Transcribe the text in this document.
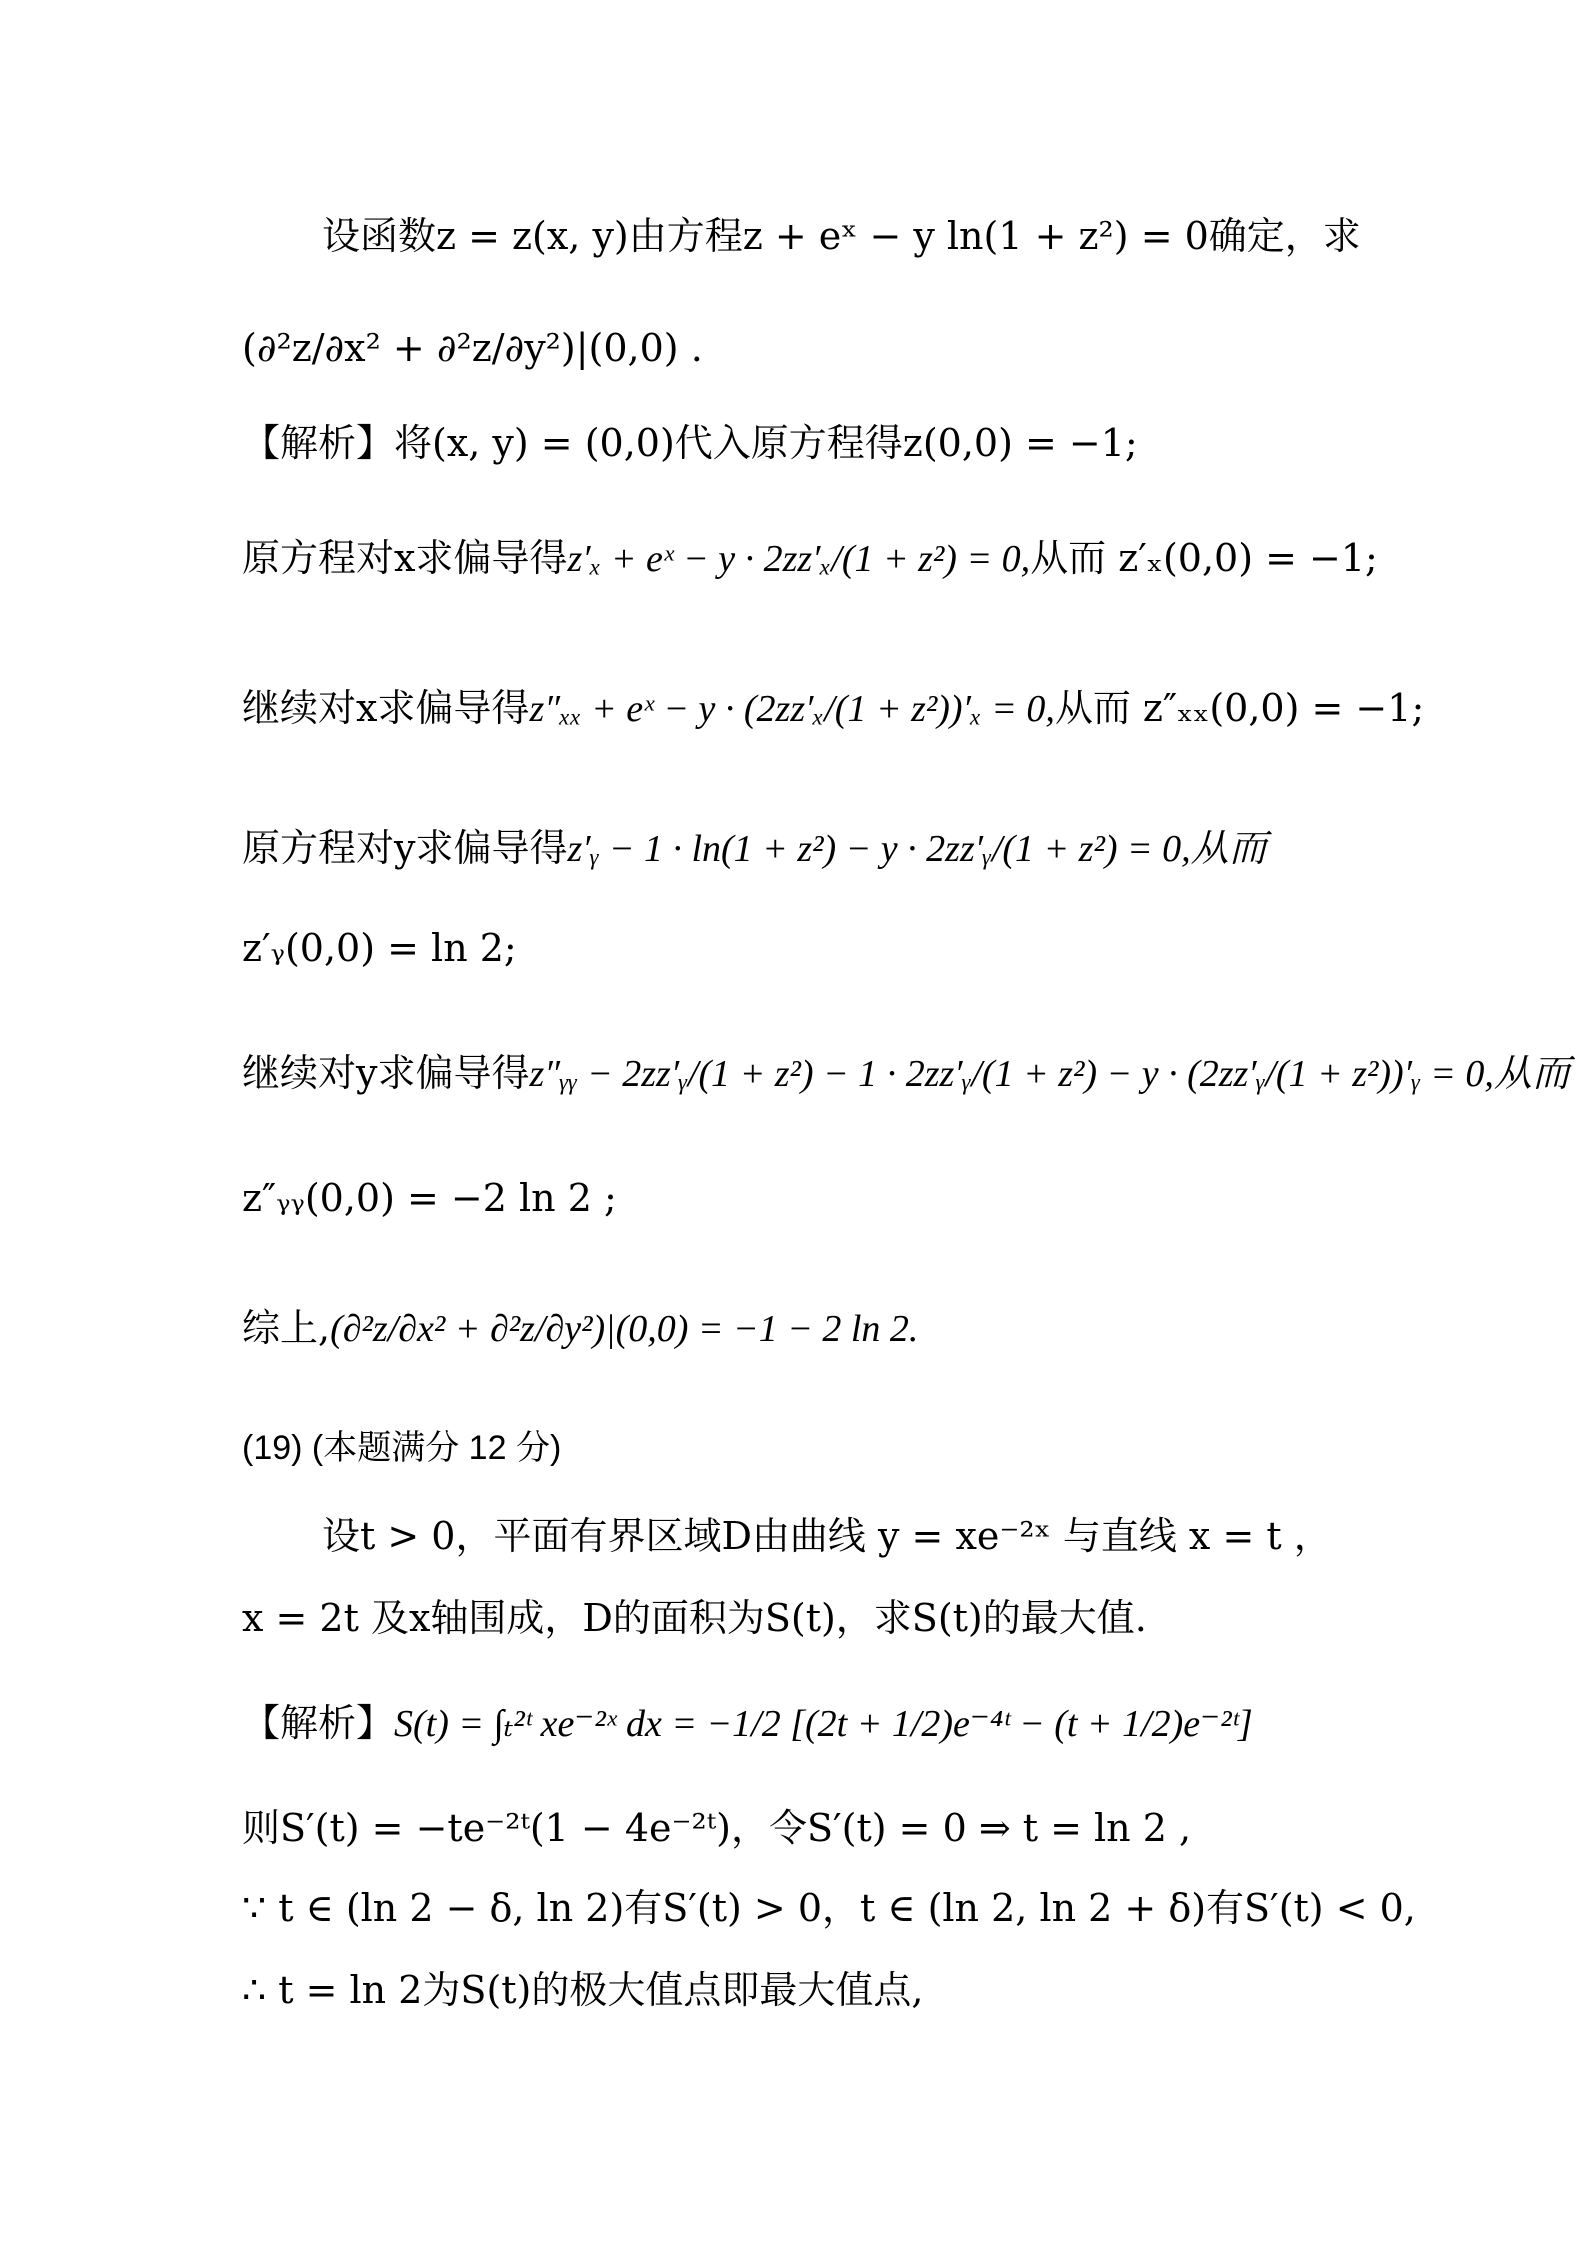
设函数z = z(x, y)由方程z + eˣ − y ln(1 + z²) = 0确定，求
(∂²z/∂x² + ∂²z/∂y²)|(0,0) .
【解析】将(x, y) = (0,0)代入原方程得z(0,0) = −1;
原方程对x求偏导得z′ₓ + eˣ − y · 2zz′ₓ/(1 + z²) = 0,从而 z′ₓ(0,0) = −1;
继续对x求偏导得z″ₓₓ + eˣ − y · (2zz′ₓ/(1 + z²))′ₓ = 0,从而 z″ₓₓ(0,0) = −1;
原方程对y求偏导得z′ᵧ − 1 · ln(1 + z²) − y · 2zz′ᵧ/(1 + z²) = 0,从而
z′ᵧ(0,0) = ln 2;
继续对y求偏导得z″ᵧᵧ − 2zz′ᵧ/(1 + z²) − 1 · 2zz′ᵧ/(1 + z²) − y · (2zz′ᵧ/(1 + z²))′ᵧ = 0,从而
z″ᵧᵧ(0,0) = −2 ln 2 ;
综上,(∂²z/∂x² + ∂²z/∂y²)|(0,0) = −1 − 2 ln 2.
(19) (本题满分 12 分)
设t > 0，平面有界区域D由曲线 y = xe⁻²ˣ 与直线 x = t ，
x = 2t 及x轴围成，D的面积为S(t)，求S(t)的最大值.
【解析】S(t) = ∫ₜ²ᵗ xe⁻²ˣ dx = −1/2 [(2t + 1/2)e⁻⁴ᵗ − (t + 1/2)e⁻²ᵗ]
则S′(t) = −te⁻²ᵗ(1 − 4e⁻²ᵗ)，令S′(t) = 0 ⇒ t = ln 2 ,
∵ t ∈ (ln 2 − δ, ln 2)有S′(t) > 0，t ∈ (ln 2, ln 2 + δ)有S′(t) < 0,
∴ t = ln 2为S(t)的极大值点即最大值点,
